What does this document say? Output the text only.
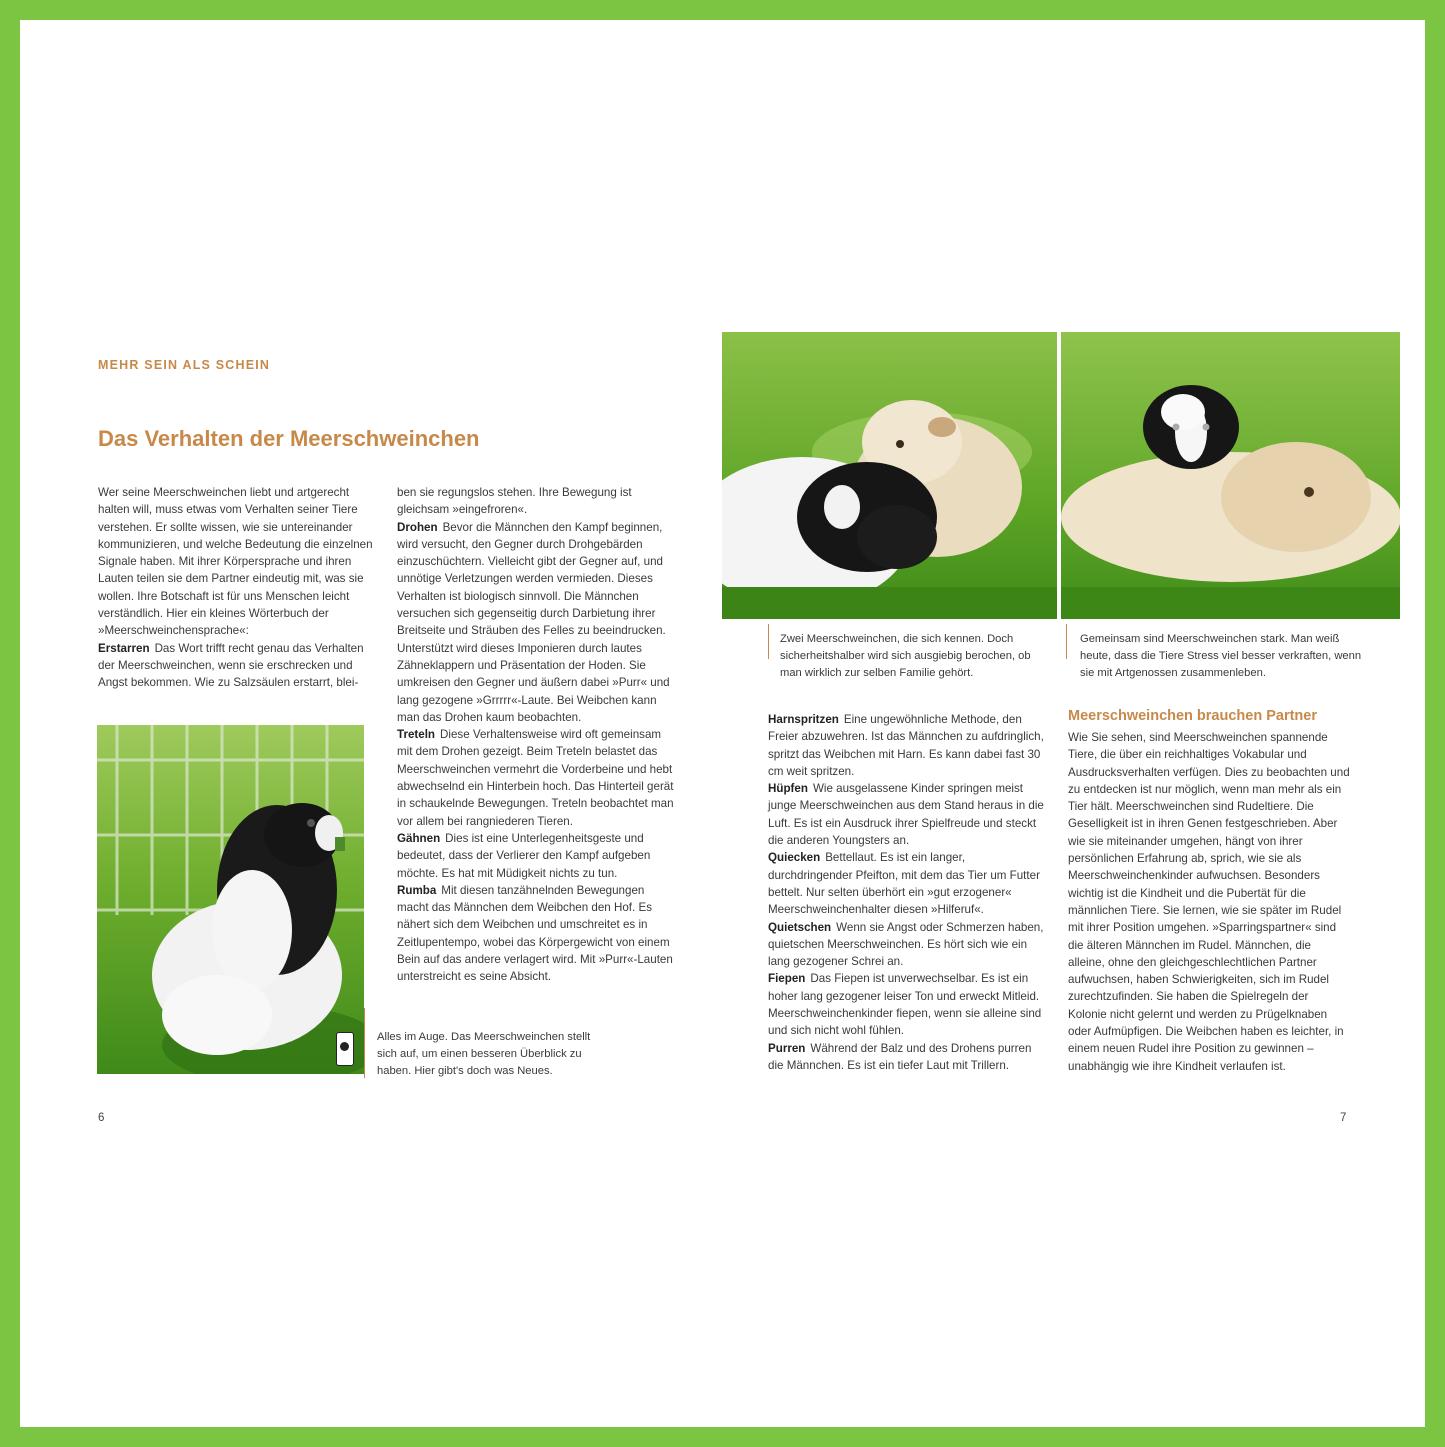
MEHR SEIN ALS SCHEIN
Das Verhalten der Meerschweinchen

Wer seine Meerschweinchen liebt und artgerecht halten will, muss etwas vom Verhalten seiner Tiere verstehen. Er sollte wissen, wie sie untereinander kommunizieren, und welche Bedeutung die einzelnen Signale haben. Mit ihrer Körpersprache und ihren Lauten teilen sie dem Partner eindeutig mit, was sie wollen. Ihre Botschaft ist für uns Menschen leicht verständlich. Hier ein kleines Wörterbuch der »Meerschweinchensprache«:

Erstarren Das Wort trifft recht genau das Verhalten der Meerschweinchen, wenn sie erschrecken und Angst bekommen. Wie zu Salzsäulen erstarrt, blei-

ben sie regungslos stehen. Ihre Bewegung ist gleichsam »eingefroren«.

Drohen Bevor die Männchen den Kampf beginnen, wird versucht, den Gegner durch Drohgebärden einzuschüchtern. Vielleicht gibt der Gegner auf, und unnötige Verletzungen werden vermieden. Dieses Verhalten ist biologisch sinnvoll. Die Männchen versuchen sich gegenseitig durch Darbietung ihrer Breitseite und Sträuben des Felles zu beeindrucken. Unterstützt wird dieses Imponieren durch lautes Zähneklappern und Präsentation der Hoden. Sie umkreisen den Gegner und äußern dabei »Purr« und lang gezogene »Grrrrr«-Laute. Bei Weibchen kann man das Drohen kaum beobachten.

Treteln Diese Verhaltensweise wird oft gemeinsam mit dem Drohen gezeigt. Beim Treteln belastet das Meerschweinchen vermehrt die Vorderbeine und hebt abwechselnd ein Hinterbein hoch. Das Hinterteil gerät in schaukelnde Bewegungen. Treteln beobachtet man vor allem bei rangniederen Tieren.

Gähnen Dies ist eine Unterlegenheitsgeste und bedeutet, dass der Verlierer den Kampf aufgeben möchte. Es hat mit Müdigkeit nichts zu tun.

Rumba Mit diesen tanzähnelnden Bewegungen macht das Männchen dem Weibchen den Hof. Es nähert sich dem Weibchen und umschreitet es in Zeitlupentempo, wobei das Körpergewicht von einem Bein auf das andere verlagert wird. Mit »Purr«-Lauten unterstreicht es seine Absicht.

Alles im Auge. Das Meerschweinchen stellt sich auf, um einen besseren Überblick zu haben. Hier gibt's doch was Neues.
6
Zwei Meerschweinchen, die sich kennen. Doch sicherheitshalber wird sich ausgiebig berochen, ob man wirklich zur selben Familie gehört.
Gemeinsam sind Meerschweinchen stark. Man weiß heute, dass die Tiere Stress viel besser verkraften, wenn sie mit Artgenossen zusammenleben.

Harnspritzen Eine ungewöhnliche Methode, den Freier abzuwehren. Ist das Männchen zu aufdringlich, spritzt das Weibchen mit Harn. Es kann dabei fast 30 cm weit spritzen.

Hüpfen Wie ausgelassene Kinder springen meist junge Meerschweinchen aus dem Stand heraus in die Luft. Es ist ein Ausdruck ihrer Spielfreude und steckt die anderen Youngsters an.

Quiecken Bettellaut. Es ist ein langer, durchdringender Pfeifton, mit dem das Tier um Futter bettelt. Nur selten überhört ein »gut erzogener« Meerschweinchenhalter diesen »Hilferuf«.

Quietschen Wenn sie Angst oder Schmerzen haben, quietschen Meerschweinchen. Es hört sich wie ein lang gezogener Schrei an.

Fiepen Das Fiepen ist unverwechselbar. Es ist ein hoher lang gezogener leiser Ton und erweckt Mitleid. Meerschweinchenkinder fiepen, wenn sie alleine sind und sich nicht wohl fühlen.

Purren Während der Balz und des Drohens purren die Männchen. Es ist ein tiefer Laut mit Trillern.

Meerschweinchen brauchen Partner

Wie Sie sehen, sind Meerschweinchen spannende Tiere, die über ein reichhaltiges Vokabular und Ausdrucksverhalten verfügen. Dies zu beobachten und zu entdecken ist nur möglich, wenn man mehr als ein Tier hält. Meerschweinchen sind Rudeltiere. Die Geselligkeit ist in ihren Genen festgeschrieben. Aber wie sie miteinander umgehen, hängt von ihrer persönlichen Erfahrung ab, sprich, wie sie als Meerschweinchenkinder aufwuchsen. Besonders wichtig ist die Kindheit und die Pubertät für die männlichen Tiere. Sie lernen, wie sie später im Rudel mit ihrer Position umgehen. »Sparringspartner« sind die älteren Männchen im Rudel. Männchen, die alleine, ohne den gleichgeschlechtlichen Partner aufwuchsen, haben Schwierigkeiten, sich im Rudel zurechtzufinden. Sie haben die Spielregeln der Kolonie nicht gelernt und werden zu Prügelknaben oder Aufmüpfigen. Die Weibchen haben es leichter, in einem neuen Rudel ihre Position zu gewinnen – unabhängig wie ihre Kindheit verlaufen ist.

7
